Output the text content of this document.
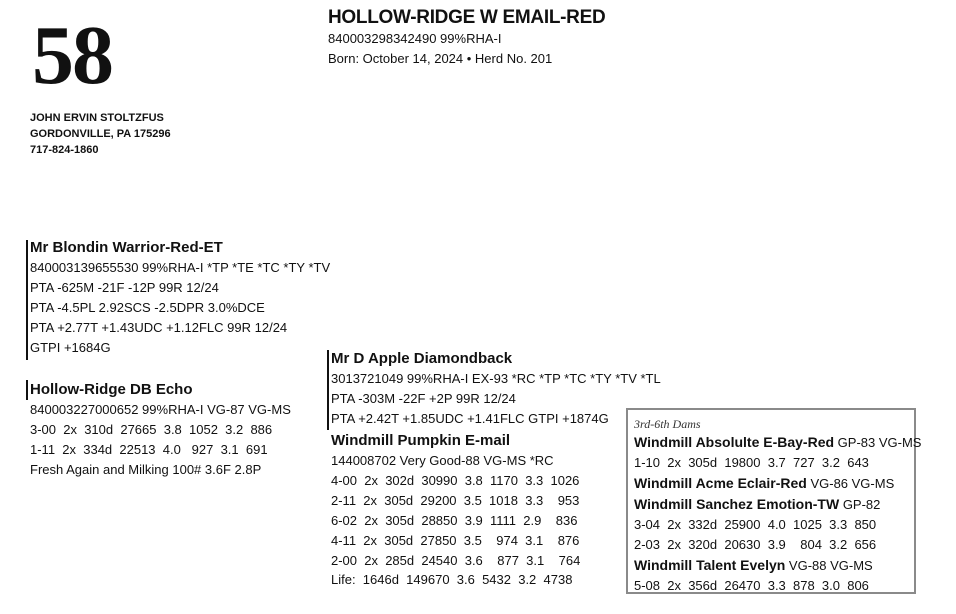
58
JOHN ERVIN STOLTZFUS
GORDONVILLE, PA 175296
717-824-1860
HOLLOW-RIDGE W EMAIL-RED
840003298342490 99%RHA-I
Born: October 14, 2024 • Herd No. 201
Mr Blondin Warrior-Red-ET
840003139655530 99%RHA-I *TP *TE *TC *TY *TV
PTA -625M -21F -12P 99R 12/24
PTA -4.5PL 2.92SCS -2.5DPR 3.0%DCE
PTA +2.77T +1.43UDC +1.12FLC 99R 12/24
GTPI +1684G
Hollow-Ridge DB Echo
840003227000652 99%RHA-I VG-87 VG-MS
3-00  2x  310d  27665  3.8  1052  3.2  886
1-11  2x  334d  22513  4.0   927  3.1  691
Fresh Again and Milking 100# 3.6F 2.8P
Mr D Apple Diamondback
3013721049 99%RHA-I EX-93 *RC *TP *TC *TY *TV *TL
PTA -303M -22F +2P 99R 12/24
PTA +2.42T +1.85UDC +1.41FLC GTPI +1874G
Windmill Pumpkin E-mail
144008702 Very Good-88 VG-MS *RC
4-00  2x  302d  30990  3.8  1170  3.3  1026
2-11  2x  305d  29200  3.5  1018  3.3    953
6-02  2x  305d  28850  3.9  1111  2.9    836
4-11  2x  305d  27850  3.5    974  3.1    876
2-00  2x  285d  24540  3.6    877  3.1    764
Life:  1646d  149670  3.6  5432  3.2  4738
3rd-6th Dams
Windmill Absolulte E-Bay-Red GP-83 VG-MS
1-10  2x  305d  19800  3.7  727  3.2  643
Windmill Acme Eclair-Red VG-86 VG-MS
Windmill Sanchez Emotion-TW GP-82
3-04  2x  332d  25900  4.0  1025  3.3  850
2-03  2x  320d  20630  3.9    804  3.2  656
Windmill Talent Evelyn VG-88 VG-MS
5-08  2x  356d  26470  3.3  878  3.0  806
